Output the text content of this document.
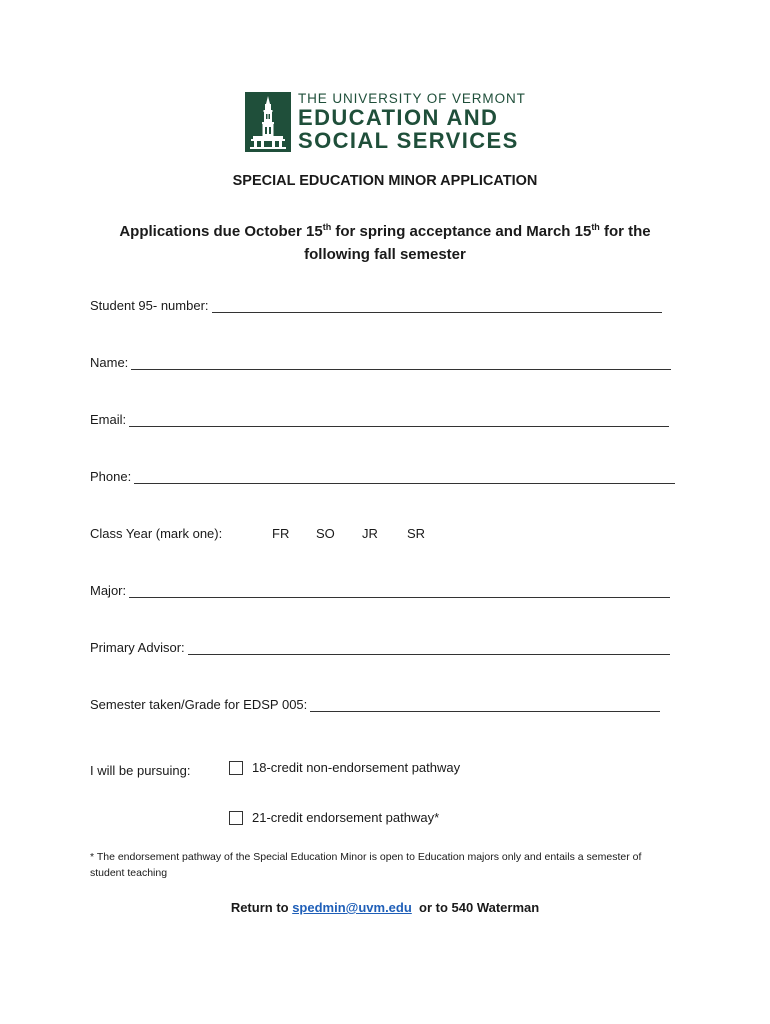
THE UNIVERSITY OF VERMONT
EDUCATION AND
SOCIAL SERVICES
SPECIAL EDUCATION MINOR APPLICATION
Applications due October 15th for spring acceptance and March 15th for the following fall semester
Student 95- number:
Name:
Email:
Phone:
Class Year (mark one):	FR SO JR SR
Major:
Primary Advisor:
Semester taken/Grade for EDSP 005:
I will be pursuing:	18-credit non-endorsement pathway
21-credit endorsement pathway*
* The endorsement pathway of the Special Education Minor is open to Education majors only and entails a semester of student teaching
Return to spedmin@uvm.edu  or to 540 Waterman
